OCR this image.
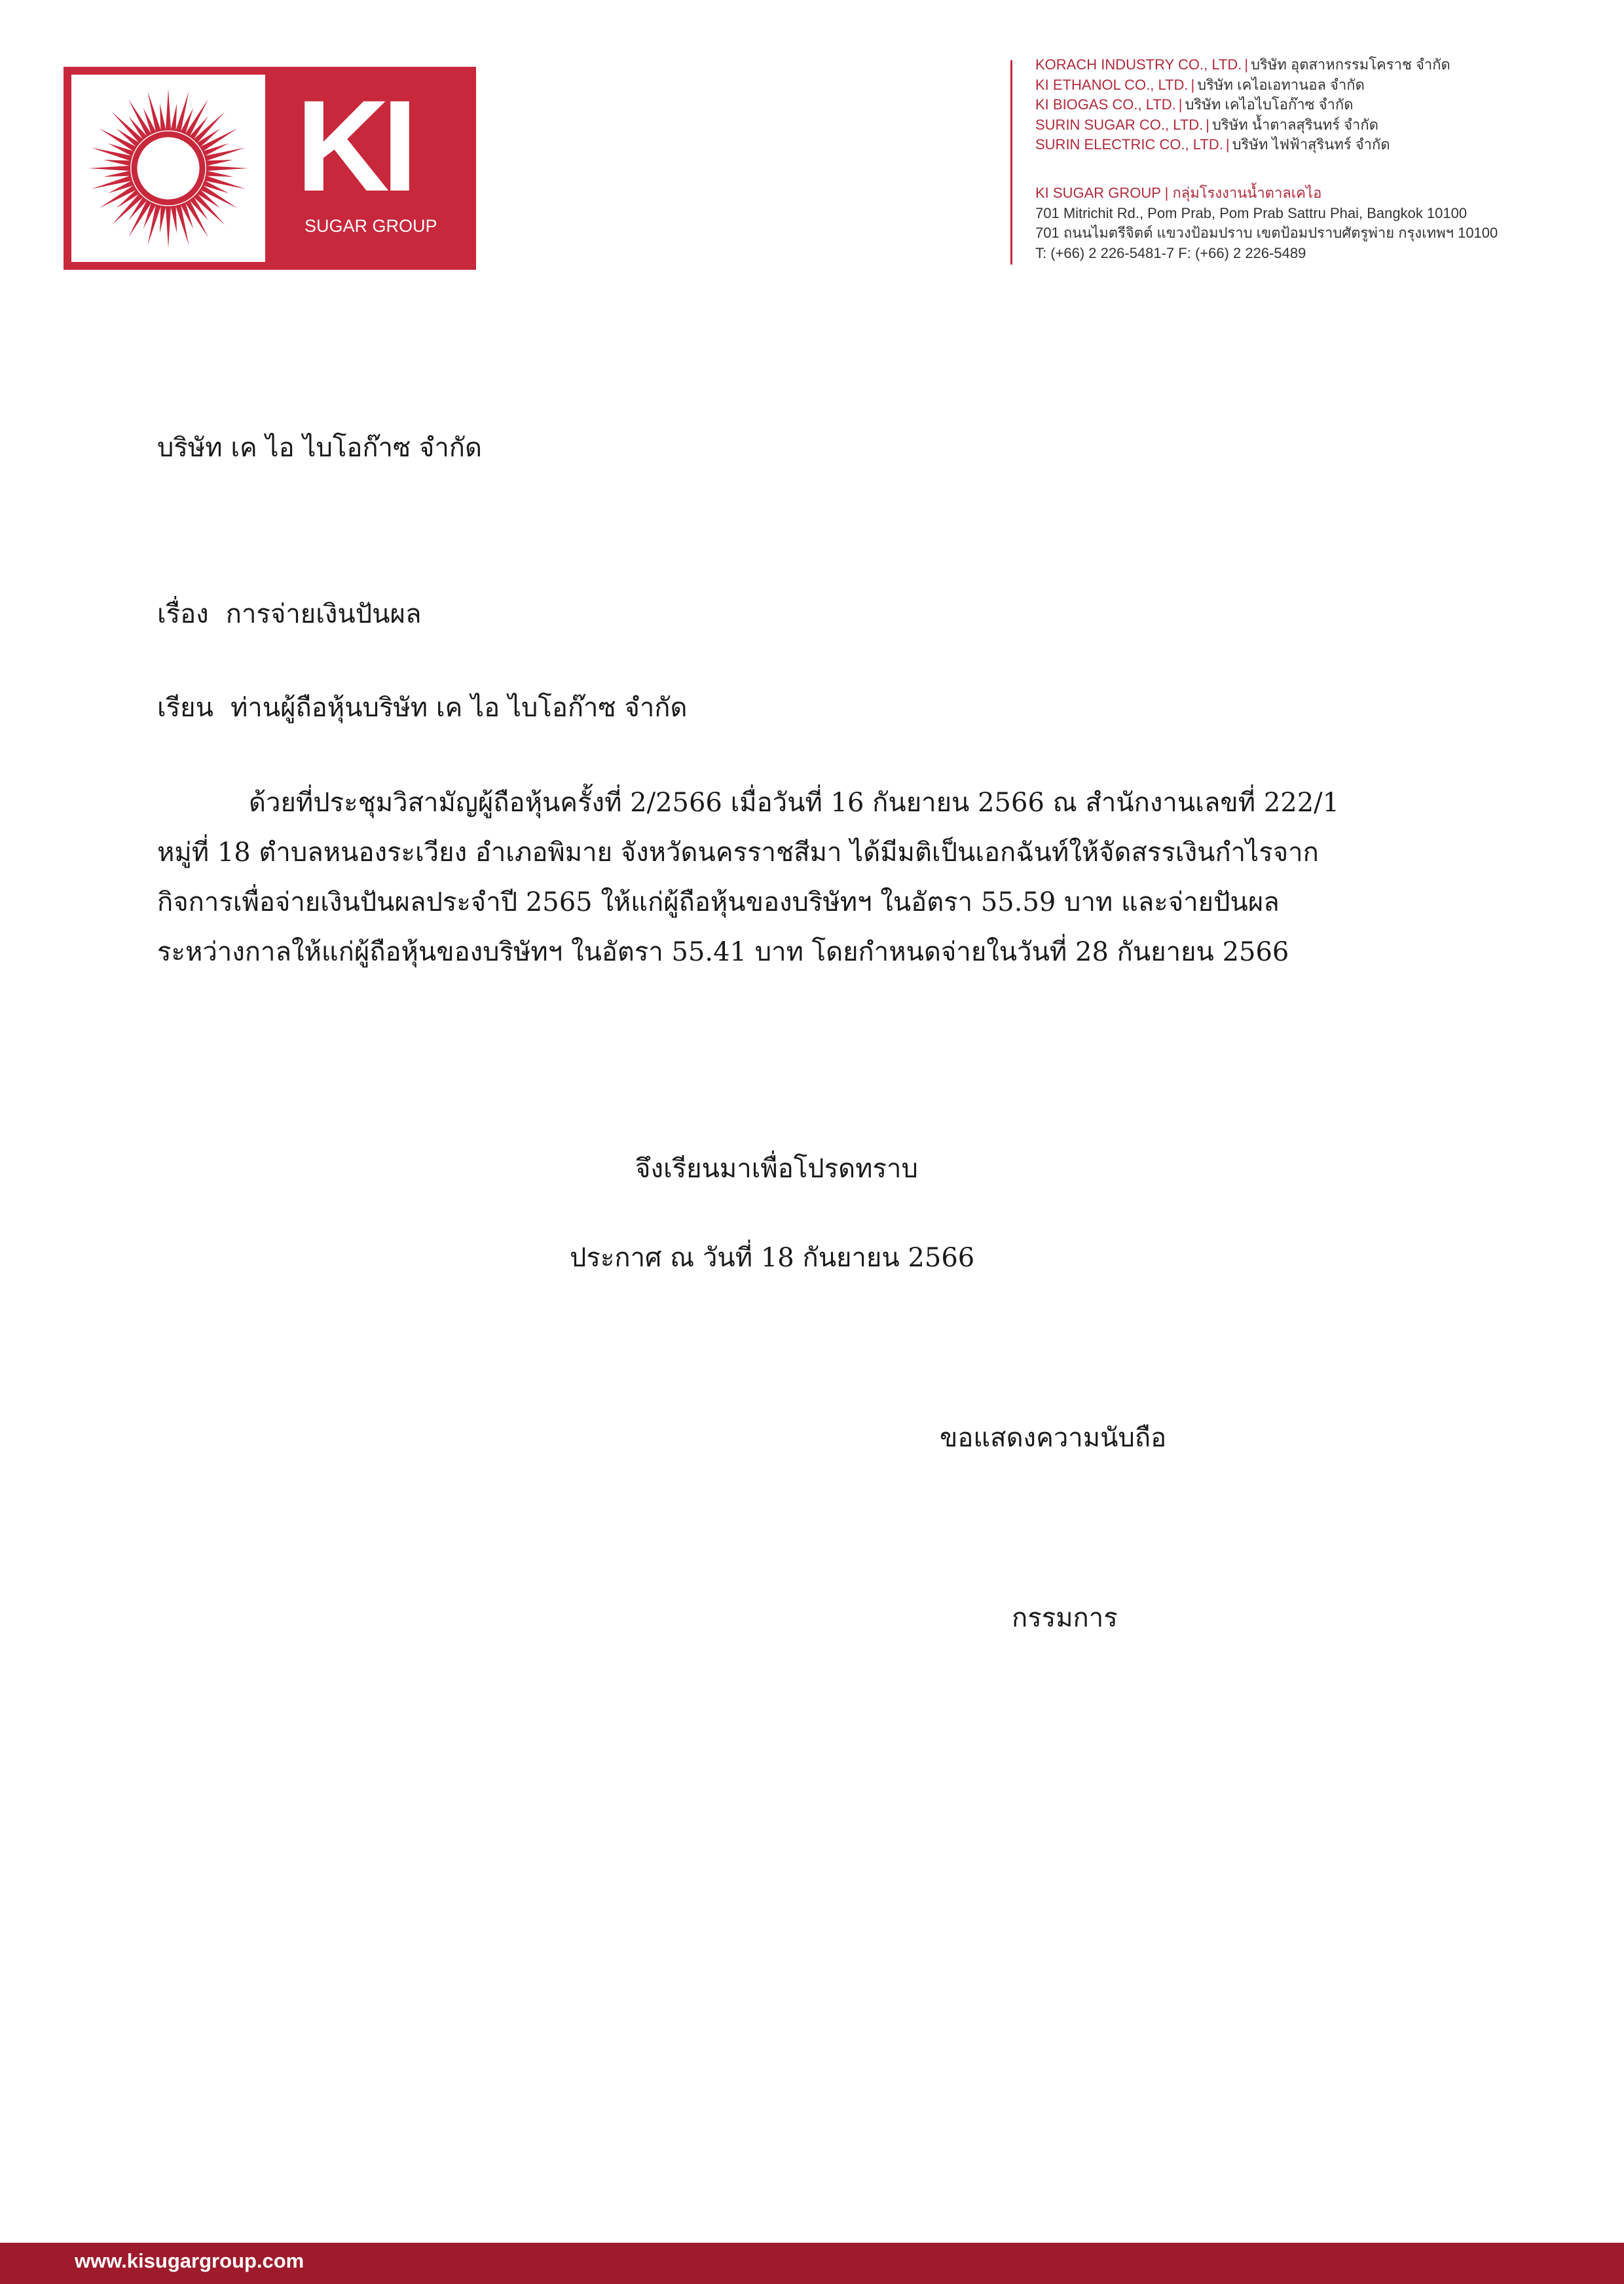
KI
SUGAR GROUP
KORACH INDUSTRY CO., LTD. | บริษัท อุตสาหกรรมโคราช จำกัด
KI ETHANOL CO., LTD. | บริษัท เคไอเอทานอล จำกัด
KI BIOGAS CO., LTD. | บริษัท เคไอไบโอก๊าซ จำกัด
SURIN SUGAR CO., LTD. | บริษัท น้ำตาลสุรินทร์ จำกัด
SURIN ELECTRIC CO., LTD. | บริษัท ไฟฟ้าสุรินทร์ จำกัด
KI SUGAR GROUP | กลุ่มโรงงานน้ำตาลเคไอ
701 Mitrichit Rd., Pom Prab, Pom Prab Sattru Phai, Bangkok 10100
701 ถนนไมตรีจิตต์ แขวงป้อมปราบ เขตป้อมปราบศัตรูพ่าย กรุงเทพฯ 10100
T: (+66) 2 226-5481-7 F: (+66) 2 226-5489
บริษัท เค ไอ ไบโอก๊าซ จำกัด
เรื่อง การจ่ายเงินปันผล
เรียน ท่านผู้ถือหุ้นบริษัท เค ไอ ไบโอก๊าซ จำกัด
ด้วยที่ประชุมวิสามัญผู้ถือหุ้นครั้งที่ 2/2566 เมื่อวันที่ 16 กันยายน 2566 ณ สำนักงานเลขที่ 222/1
หมู่ที่ 18 ตำบลหนองระเวียง อำเภอพิมาย จังหวัดนครราชสีมา ได้มีมติเป็นเอกฉันท์ให้จัดสรรเงินกำไรจาก
กิจการเพื่อจ่ายเงินปันผลประจำปี 2565 ให้แก่ผู้ถือหุ้นของบริษัทฯ ในอัตรา 55.59 บาท และจ่ายปันผล
ระหว่างกาลให้แก่ผู้ถือหุ้นของบริษัทฯ ในอัตรา 55.41 บาท โดยกำหนดจ่ายในวันที่ 28 กันยายน 2566
จึงเรียนมาเพื่อโปรดทราบ
ประกาศ ณ วันที่ 18 กันยายน 2566
ขอแสดงความนับถือ
กรรมการ
www.kisugargroup.com
